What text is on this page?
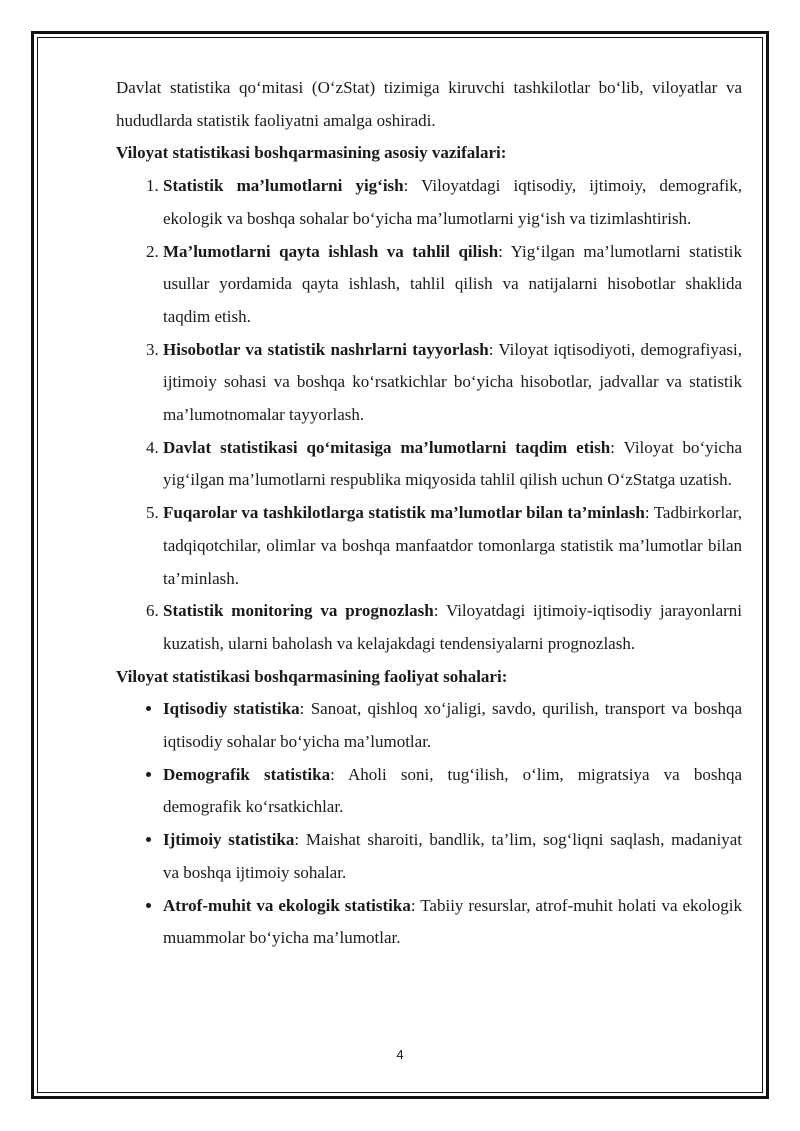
Davlat statistika qo‘mitasi (O‘zStat) tizimiga kiruvchi tashkilotlar bo‘lib, viloyatlar va hududlarda statistik faoliyatni amalga oshiradi.

Viloyat statistikasi boshqarmasining asosiy vazifalari:

1. Statistik ma’lumotlarni yig‘ish: Viloyatdagi iqtisodiy, ijtimoiy, demografik, ekologik va boshqa sohalar bo‘yicha ma’lumotlarni yig‘ish va tizimlashtirish.
2. Ma’lumotlarni qayta ishlash va tahlil qilish: Yig‘ilgan ma’lumotlarni statistik usullar yordamida qayta ishlash, tahlil qilish va natijalarni hisobotlar shaklida taqdim etish.
3. Hisobotlar va statistik nashrlarni tayyorlash: Viloyat iqtisodiyoti, demografiyasi, ijtimoiy sohasi va boshqa ko‘rsatkichlar bo‘yicha hisobotlar, jadvallar va statistik ma’lumotnomalar tayyorlash.
4. Davlat statistikasi qo‘mitasiga ma’lumotlarni taqdim etish: Viloyat bo‘yicha yig‘ilgan ma’lumotlarni respublika miqyosida tahlil qilish uchun O‘zStatga uzatish.
5. Fuqarolar va tashkilotlarga statistik ma’lumotlar bilan ta’minlash: Tadbirkorlar, tadqiqotchilar, olimlar va boshqa manfaatdor tomonlarga statistik ma’lumotlar bilan ta’minlash.
6. Statistik monitoring va prognozlash: Viloyatdagi ijtimoiy-iqtisodiy jarayonlarni kuzatish, ularni baholash va kelajakdagi tendensiyalarni prognozlash.

Viloyat statistikasi boshqarmasining faoliyat sohalari:

• Iqtisodiy statistika: Sanoat, qishloq xo‘jaligi, savdo, qurilish, transport va boshqa iqtisodiy sohalar bo‘yicha ma’lumotlar.
• Demografik statistika: Aholi soni, tug‘ilish, o‘lim, migratsiya va boshqa demografik ko‘rsatkichlar.
• Ijtimoiy statistika: Maishat sharoiti, bandlik, ta’lim, sog‘liqni saqlash, madaniyat va boshqa ijtimoiy sohalar.
• Atrof-muhit va ekologik statistika: Tabiiy resurslar, atrof-muhit holati va ekologik muammolar bo‘yicha ma’lumotlar.
4
